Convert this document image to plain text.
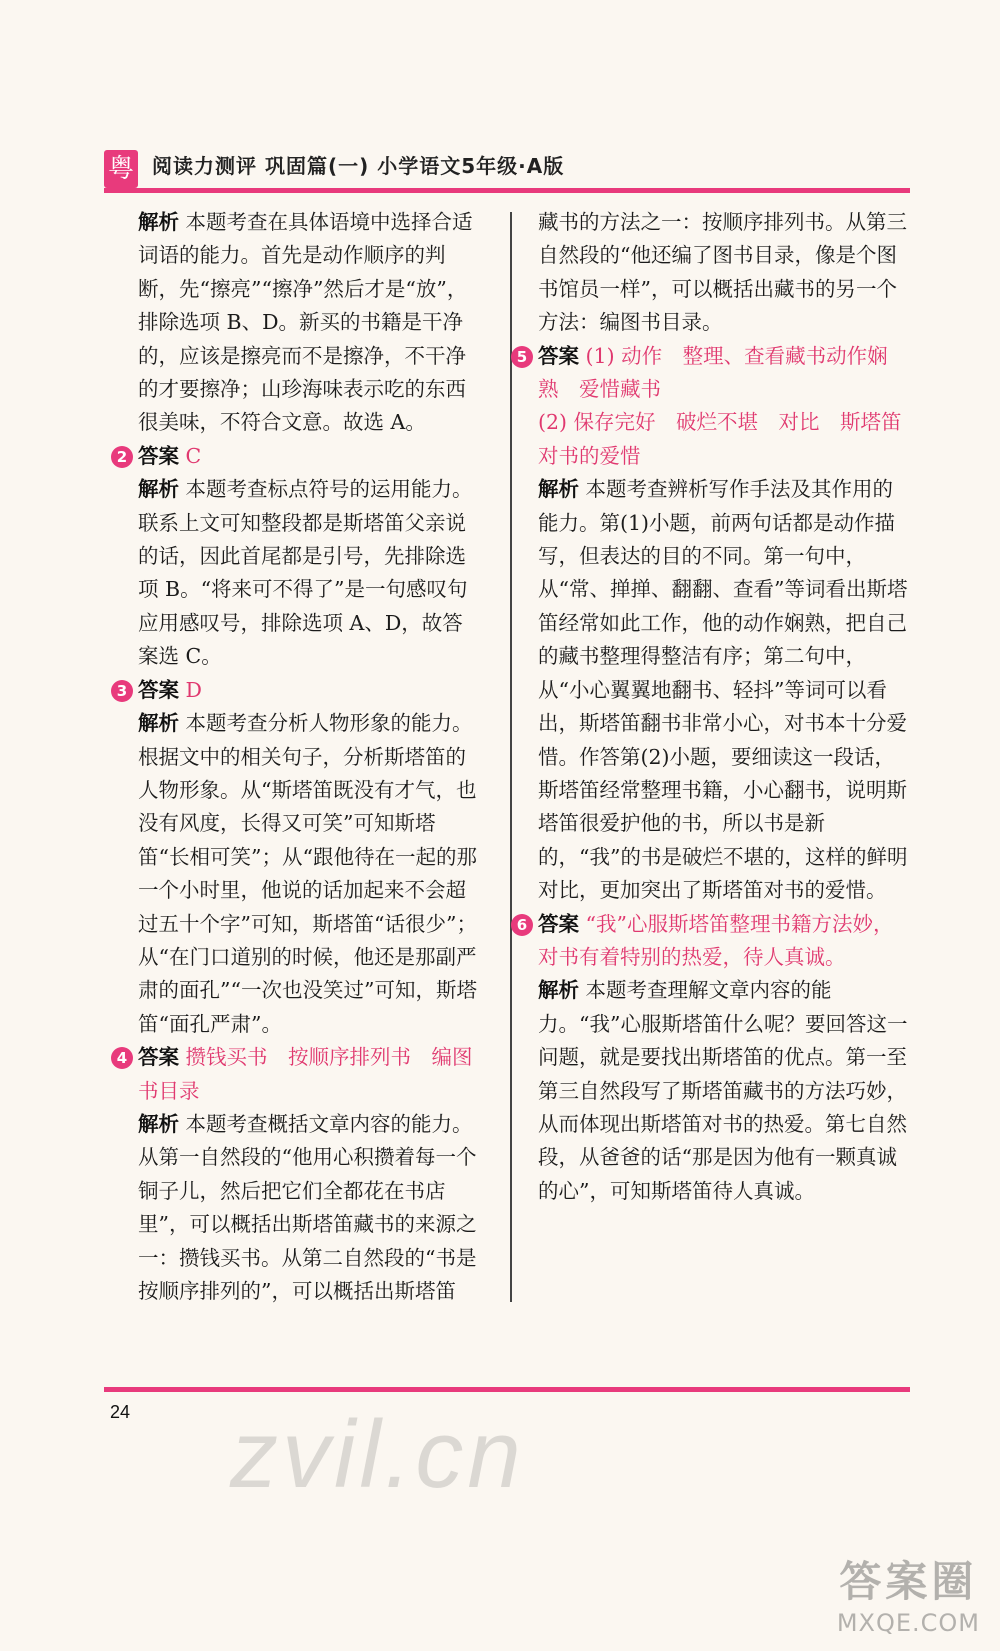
粤 阅读力测评 巩固篇(一) 小学语文5年级·A版

解析 本题考查在具体语境中选择合适词语的能力。首先是动作顺序的判断，先“擦亮”“擦净”然后才是“放”，排除选项 B、D。新买的书籍是干净的，应该是擦亮而不是擦净，不干净的才要擦净；山珍海味表示吃的东西很美味，不符合文意。故选 A。

2 答案 C

解析 本题考查标点符号的运用能力。联系上文可知整段都是斯塔笛父亲说的话，因此首尾都是引号，先排除选项 B。“将来可不得了”是一句感叹句应用感叹号，排除选项 A、D，故答案选 C。

3 答案 D

解析 本题考查分析人物形象的能力。根据文中的相关句子，分析斯塔笛的人物形象。从“斯塔笛既没有才气，也没有风度，长得又可笑”可知斯塔笛“长相可笑”；从“跟他待在一起的那一个小时里，他说的话加起来不会超过五十个字”可知，斯塔笛“话很少”；从“在门口道别的时候，他还是那副严肃的面孔”“一次也没笑过”可知，斯塔笛“面孔严肃”。

4 答案 攒钱买书　按顺序排列书　编图书目录

解析 本题考查概括文章内容的能力。从第一自然段的“他用心积攒着每一个铜子儿，然后把它们全都花在书店里”，可以概括出斯塔笛藏书的来源之一：攒钱买书。从第二自然段的“书是按顺序排列的”，可以概括出斯塔笛

藏书的方法之一：按顺序排列书。从第三自然段的“他还编了图书目录，像是个图书馆员一样”，可以概括出藏书的另一个方法：编图书目录。

5 答案 (1) 动作　整理、查看藏书动作娴熟　爱惜藏书

(2) 保存完好　破烂不堪　对比　斯塔笛对书的爱惜

解析 本题考查辨析写作手法及其作用的能力。第(1)小题，前两句话都是动作描写，但表达的目的不同。第一句中，从“常、掸掸、翻翻、查看”等词看出斯塔笛经常如此工作，他的动作娴熟，把自己的藏书整理得整洁有序；第二句中，从“小心翼翼地翻书、轻抖”等词可以看出，斯塔笛翻书非常小心，对书本十分爱惜。作答第(2)小题，要细读这一段话，斯塔笛经常整理书籍，小心翻书，说明斯塔笛很爱护他的书，所以书是新的，“我”的书是破烂不堪的，这样的鲜明对比，更加突出了斯塔笛对书的爱惜。

6 答案 “我”心服斯塔笛整理书籍方法妙，对书有着特别的热爱，待人真诚。

解析 本题考查理解文章内容的能力。“我”心服斯塔笛什么呢？要回答这一问题，就是要找出斯塔笛的优点。第一至第三自然段写了斯塔笛藏书的方法巧妙，从而体现出斯塔笛对书的热爱。第七自然段，从爸爸的话“那是因为他有一颗真诚的心”，可知斯塔笛待人真诚。

24 zvil.cn
答案圈
MXQE.COM
